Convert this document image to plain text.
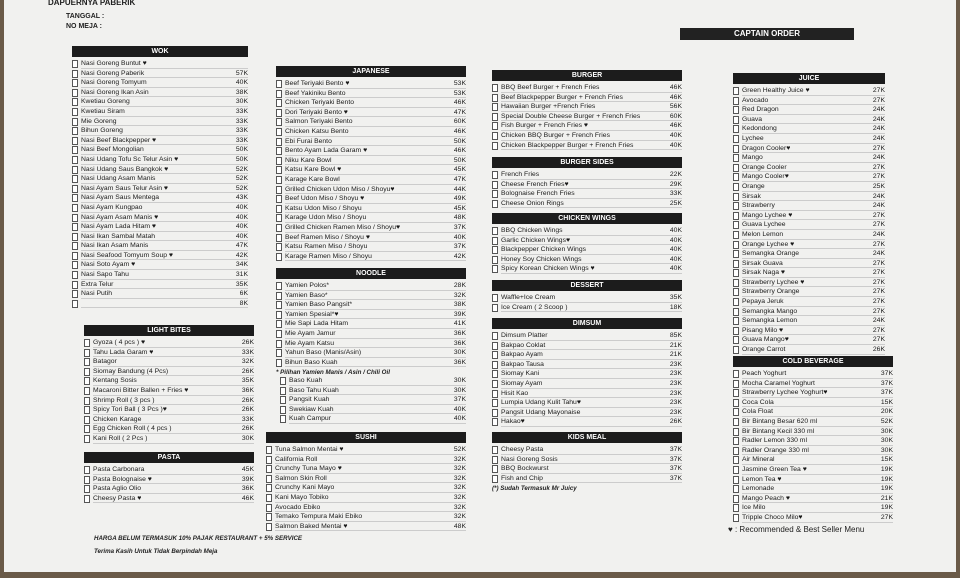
DAPUERNYA PABERIK
TANGGAL :
NO MEJA :
CAPTAIN ORDER
WOK
Nasi Goreng Buntut ♥
Nasi Goreng Paberik	57K
Nasi Goreng Tomyum	40K
Nasi Goreng Ikan Asin	38K
Kwetiau Goreng	30K
Kwetiau Siram	33K
Mie Goreng	33K
Bihun Goreng	33K
Nasi Beef Blackpepper ♥	33K
Nasi Beef Mongolian	50K
Nasi Udang Tofu Sc Telur Asin ♥	50K
Nasi Udang Saus Bangkok ♥	52K
Nasi Udang Asam Manis	52K
Nasi Ayam Saus Telur Asin ♥	52K
Nasi Ayam Saus Mentega	43K
Nasi Ayam Kungpao	40K
Nasi Ayam Asam Manis ♥	40K
Nasi Ayam Lada Hitam ♥	40K
Nasi Ikan Sambal Matah	40K
Nasi Ikan Asam Manis	47K
Nasi Seafood Tomyum Soup ♥	42K
Nasi Soto Ayam ♥	34K
Nasi Sapo Tahu	31K
Extra Telur	35K
Nasi Putih	6K
8K
LIGHT BITES
Gyoza ( 4 pcs ) ♥	26K
Tahu Lada Garam ♥	33K
Batagor	32K
Siomay Bandung (4 Pcs)	26K
Kentang Sosis	35K
Macaroni Bitter Ballen + Fries ♥	36K
Shrimp Roll ( 3 pcs )	26K
Spicy Tori Ball ( 3 Pcs )♥	26K
Chicken Karage	33K
Egg Chicken Roll ( 4 pcs )	26K
Kani Roll ( 2 Pcs )	30K
PASTA
Pasta Carbonara	45K
Pasta Bolognaise ♥	39K
Pasta Aglio Olio	36K
Cheesy Pasta ♥	46K
JAPANESE
Beef Teriyaki Bento ♥	53K
Beef Yakiniku Bento	53K
Chicken Teriyaki Bento	46K
Dori Teriyaki Bento ♥	47K
Salmon Teriyaki Bento	60K
Chicken Katsu Bento	46K
Ebi Furai Bento	50K
Bento Ayam Lada Garam ♥	46K
Niku Kare Bowl	50K
Katsu Kare Bowl ♥	45K
Karage Kare Bowl	47K
Grilled Chicken Udon Miso / Shoyu♥	44K
Beef Udon Miso / Shoyu ♥	49K
Katsu Udon Miso / Shoyu	45K
Karage Udon Miso / Shoyu	48K
Grilled Chicken Ramen Miso / Shoyu♥	37K
Beef Ramen Miso / Shoyu ♥	40K
Katsu Ramen Miso / Shoyu	37K
Karage Ramen Miso / Shoyu	42K
NOODLE
Yamien Polos*	28K
Yamien Baso*	32K
Yamien Baso Pangsit*	38K
Yamien Spesial*♥	39K
Mie Sapi Lada Hitam	41K
Mie Ayam Jamur	36K
Mie Ayam Katsu	36K
Yahun Baso (Manis/Asin)	30K
Bihun Baso Kuah	36K
* Pilihan Yamien Manis / Asin / Chili Oil
Baso Kuah	30K
Baso Tahu Kuah	30K
Pangsit Kuah	37K
Swekiaw Kuah	40K
Kuah Campur	40K
SUSHI
Tuna Salmon Mentai ♥	52K
California Roll	32K
Crunchy Tuna Mayo ♥	32K
Salmon Skin Roll	32K
Crunchy Kani Mayo	32K
Kani Mayo Tobiko	32K
Avocado Ebiko	32K
Temako Tempura Maki Ebiko	32K
Salmon Baked Mentai ♥	48K
BURGER
BBQ Beef Burger + French Fries	46K
Beef Blackpepper Burger + French Fries	46K
Hawaiian Burger +French Fries	56K
Special Double Cheese Burger + French Fries	60K
Fish Burger + French Fries ♥	46K
Chicken BBQ Burger + French Fries	40K
Chicken Blackpepper Burger + French Fries	40K
BURGER SIDES
French Fries	22K
Cheese French Fries♥	29K
Bolognaise French Fries	33K
Cheese Onion Rings	25K
CHICKEN WINGS
BBQ Chicken Wings	40K
Garlic Chicken Wings♥	40K
Blackpepper Chicken Wings	40K
Honey Soy Chicken Wings	40K
Spicy Korean Chicken Wings ♥	40K
DESSERT
Waffle+Ice Cream	35K
Ice Cream ( 2 Scoop )	18K
DIMSUM
Dimsum Platter	85K
Bakpao Coklat	21K
Bakpao Ayam	21K
Bakpao Tausa	23K
Siomay Kani	23K
Siomay Ayam	23K
Hisit Kao	23K
Lumpia Udang Kulit Tahu♥	23K
Pangsit Udang Mayonaise	23K
Hakao♥	26K
KIDS MEAL
Cheesy Pasta	37K
Nasi Goreng Sosis	37K
BBQ Bockwurst	37K
Fish and Chip	37K
(*) Sudah Termasuk Mr Juicy
JUICE
Green Healthy Juice ♥	27K
Avocado	27K
Red Dragon	24K
Guava	24K
Kedondong	24K
Lychee	24K
Dragon Cooler♥	27K
Mango	24K
Orange Cooler	27K
Mango Cooler♥	27K
Orange	25K
Sirsak	24K
Strawberry	24K
Mango Lychee ♥	27K
Guava Lychee	27K
Melon Lemon	24K
Orange Lychee ♥	27K
Semangka Orange	24K
Sirsak Guava	27K
Sirsak Naga ♥	27K
Strawberry Lychee ♥	27K
Strawberry Orange	27K
Pepaya Jeruk	27K
Semangka Mango	27K
Semangka Lemon	24K
Pisang Milo ♥	27K
Guava Mango♥	27K
Orange Carrot	26K
COLD BEVERAGE
Peach Yoghurt	37K
Mocha Caramel Yoghurt	37K
Strawberry Lychee Yoghurt♥	37K
Coca Cola	15K
Cola Float	20K
Bir Bintang Besar 620 ml	52K
Bir Bintang Kecil 330 ml	30K
Radler Lemon 330 ml	30K
Radler Orange 330 ml	30K
Air Mineral	15K
Jasmine Green Tea ♥	19K
Lemon Tea ♥	19K
Lemonade	19K
Mango Peach ♥	21K
Ice Milo	19K
Tripple Choco Milo♥	27K
HARGA BELUM TERMASUK 10% PAJAK RESTAURANT + 5% SERVICE
Terima Kasih Untuk Tidak Berpindah Meja
♥ : Recommended & Best Seller Menu
